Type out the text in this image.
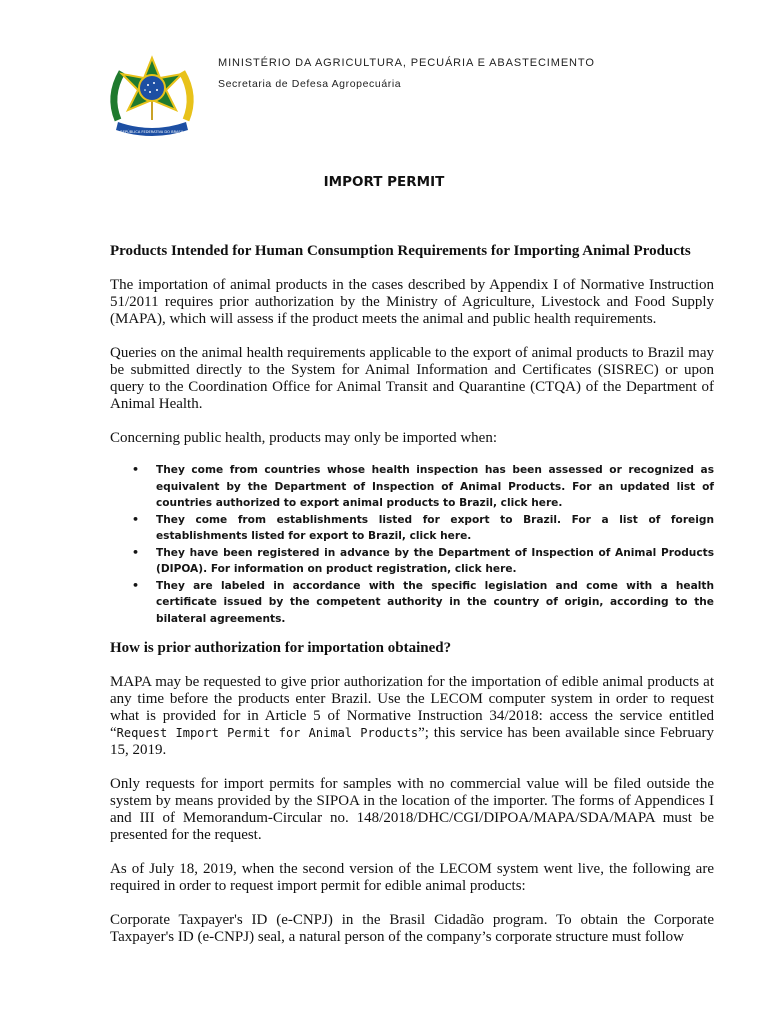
REPÚBLICA FEDERATIVA DO BRASIL
MINISTÉRIO DA AGRICULTURA, PECUÁRIA E ABASTECIMENTO
Secretaria de Defesa Agropecuária
IMPORT PERMIT
Products Intended for Human Consumption Requirements for Importing Animal Products

The importation of animal products in the cases described by Appendix I of Normative Instruction 51/2011 requires prior authorization by the Ministry of Agriculture, Livestock and Food Supply (MAPA), which will assess if the product meets the animal and public health requirements.

Queries on the animal health requirements applicable to the export of animal products to Brazil may be submitted directly to the System for Animal Information and Certificates (SISREC) or upon query to the Coordination Office for Animal Transit and Quarantine (CTQA) of the Department of Animal Health.

Concerning public health, products may only be imported when:

• They come from countries whose health inspection has been assessed or recognized as equivalent by the Department of Inspection of Animal Products. For an updated list of countries authorized to export animal products to Brazil, click here.
• They come from establishments listed for export to Brazil. For a list of foreign establishments listed for export to Brazil, click here.
• They have been registered in advance by the Department of Inspection of Animal Products (DIPOA). For information on product registration, click here.
• They are labeled in accordance with the specific legislation and come with a health certificate issued by the competent authority in the country of origin, according to the bilateral agreements.
How is prior authorization for importation obtained?

MAPA may be requested to give prior authorization for the importation of edible animal products at any time before the products enter Brazil. Use the LECOM computer system in order to request what is provided for in Article 5 of Normative Instruction 34/2018: access the service entitled “Request Import Permit for Animal Products”; this service has been available since February 15, 2019.

Only requests for import permits for samples with no commercial value will be filed outside the system by means provided by the SIPOA in the location of the importer. The forms of Appendices I and III of Memorandum-Circular no. 148/2018/DHC/CGI/DIPOA/MAPA/SDA/MAPA must be presented for the request.

As of July 18, 2019, when the second version of the LECOM system went live, the following are required in order to request import permit for edible animal products:

Corporate Taxpayer's ID (e-CNPJ) in the Brasil Cidadão program. To obtain the Corporate Taxpayer's ID (e-CNPJ) seal, a natural person of the company’s corporate structure must follow
